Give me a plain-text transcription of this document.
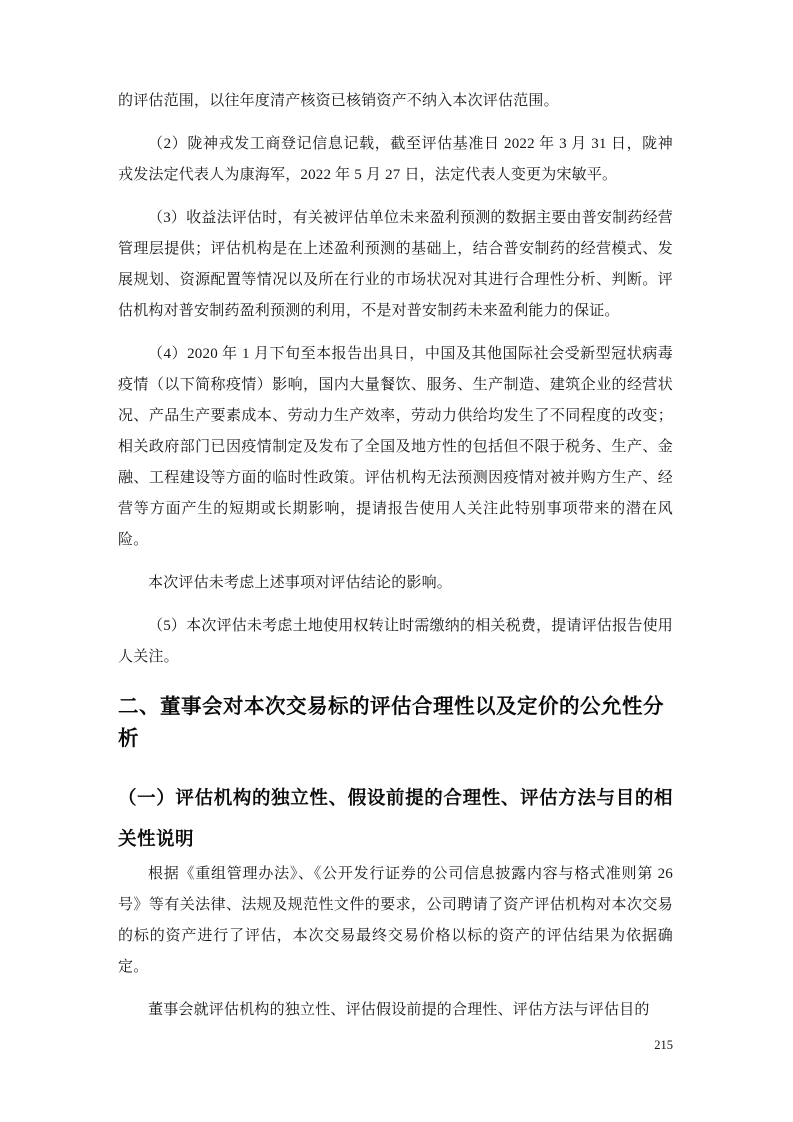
的评估范围，以往年度清产核资已核销资产不纳入本次评估范围。

（2）陇神戎发工商登记信息记载，截至评估基准日 2022 年 3 月 31 日，陇神戎发法定代表人为康海军，2022 年 5 月 27 日，法定代表人变更为宋敏平。

（3）收益法评估时，有关被评估单位未来盈利预测的数据主要由普安制药经营管理层提供；评估机构是在上述盈利预测的基础上，结合普安制药的经营模式、发展规划、资源配置等情况以及所在行业的市场状况对其进行合理性分析、判断。评估机构对普安制药盈利预测的利用，不是对普安制药未来盈利能力的保证。

（4）2020 年 1 月下旬至本报告出具日，中国及其他国际社会受新型冠状病毒疫情（以下简称疫情）影响，国内大量餐饮、服务、生产制造、建筑企业的经营状况、产品生产要素成本、劳动力生产效率，劳动力供给均发生了不同程度的改变；相关政府部门已因疫情制定及发布了全国及地方性的包括但不限于税务、生产、金融、工程建设等方面的临时性政策。评估机构无法预测因疫情对被并购方生产、经营等方面产生的短期或长期影响，提请报告使用人关注此特别事项带来的潜在风险。

本次评估未考虑上述事项对评估结论的影响。

（5）本次评估未考虑土地使用权转让时需缴纳的相关税费，提请评估报告使用人关注。

二、董事会对本次交易标的评估合理性以及定价的公允性分析
（一）评估机构的独立性、假设前提的合理性、评估方法与目的相关性说明

根据《重组管理办法》、《公开发行证券的公司信息披露内容与格式准则第 26 号》等有关法律、法规及规范性文件的要求，公司聘请了资产评估机构对本次交易的标的资产进行了评估，本次交易最终交易价格以标的资产的评估结果为依据确定。

董事会就评估机构的独立性、评估假设前提的合理性、评估方法与评估目的

215
